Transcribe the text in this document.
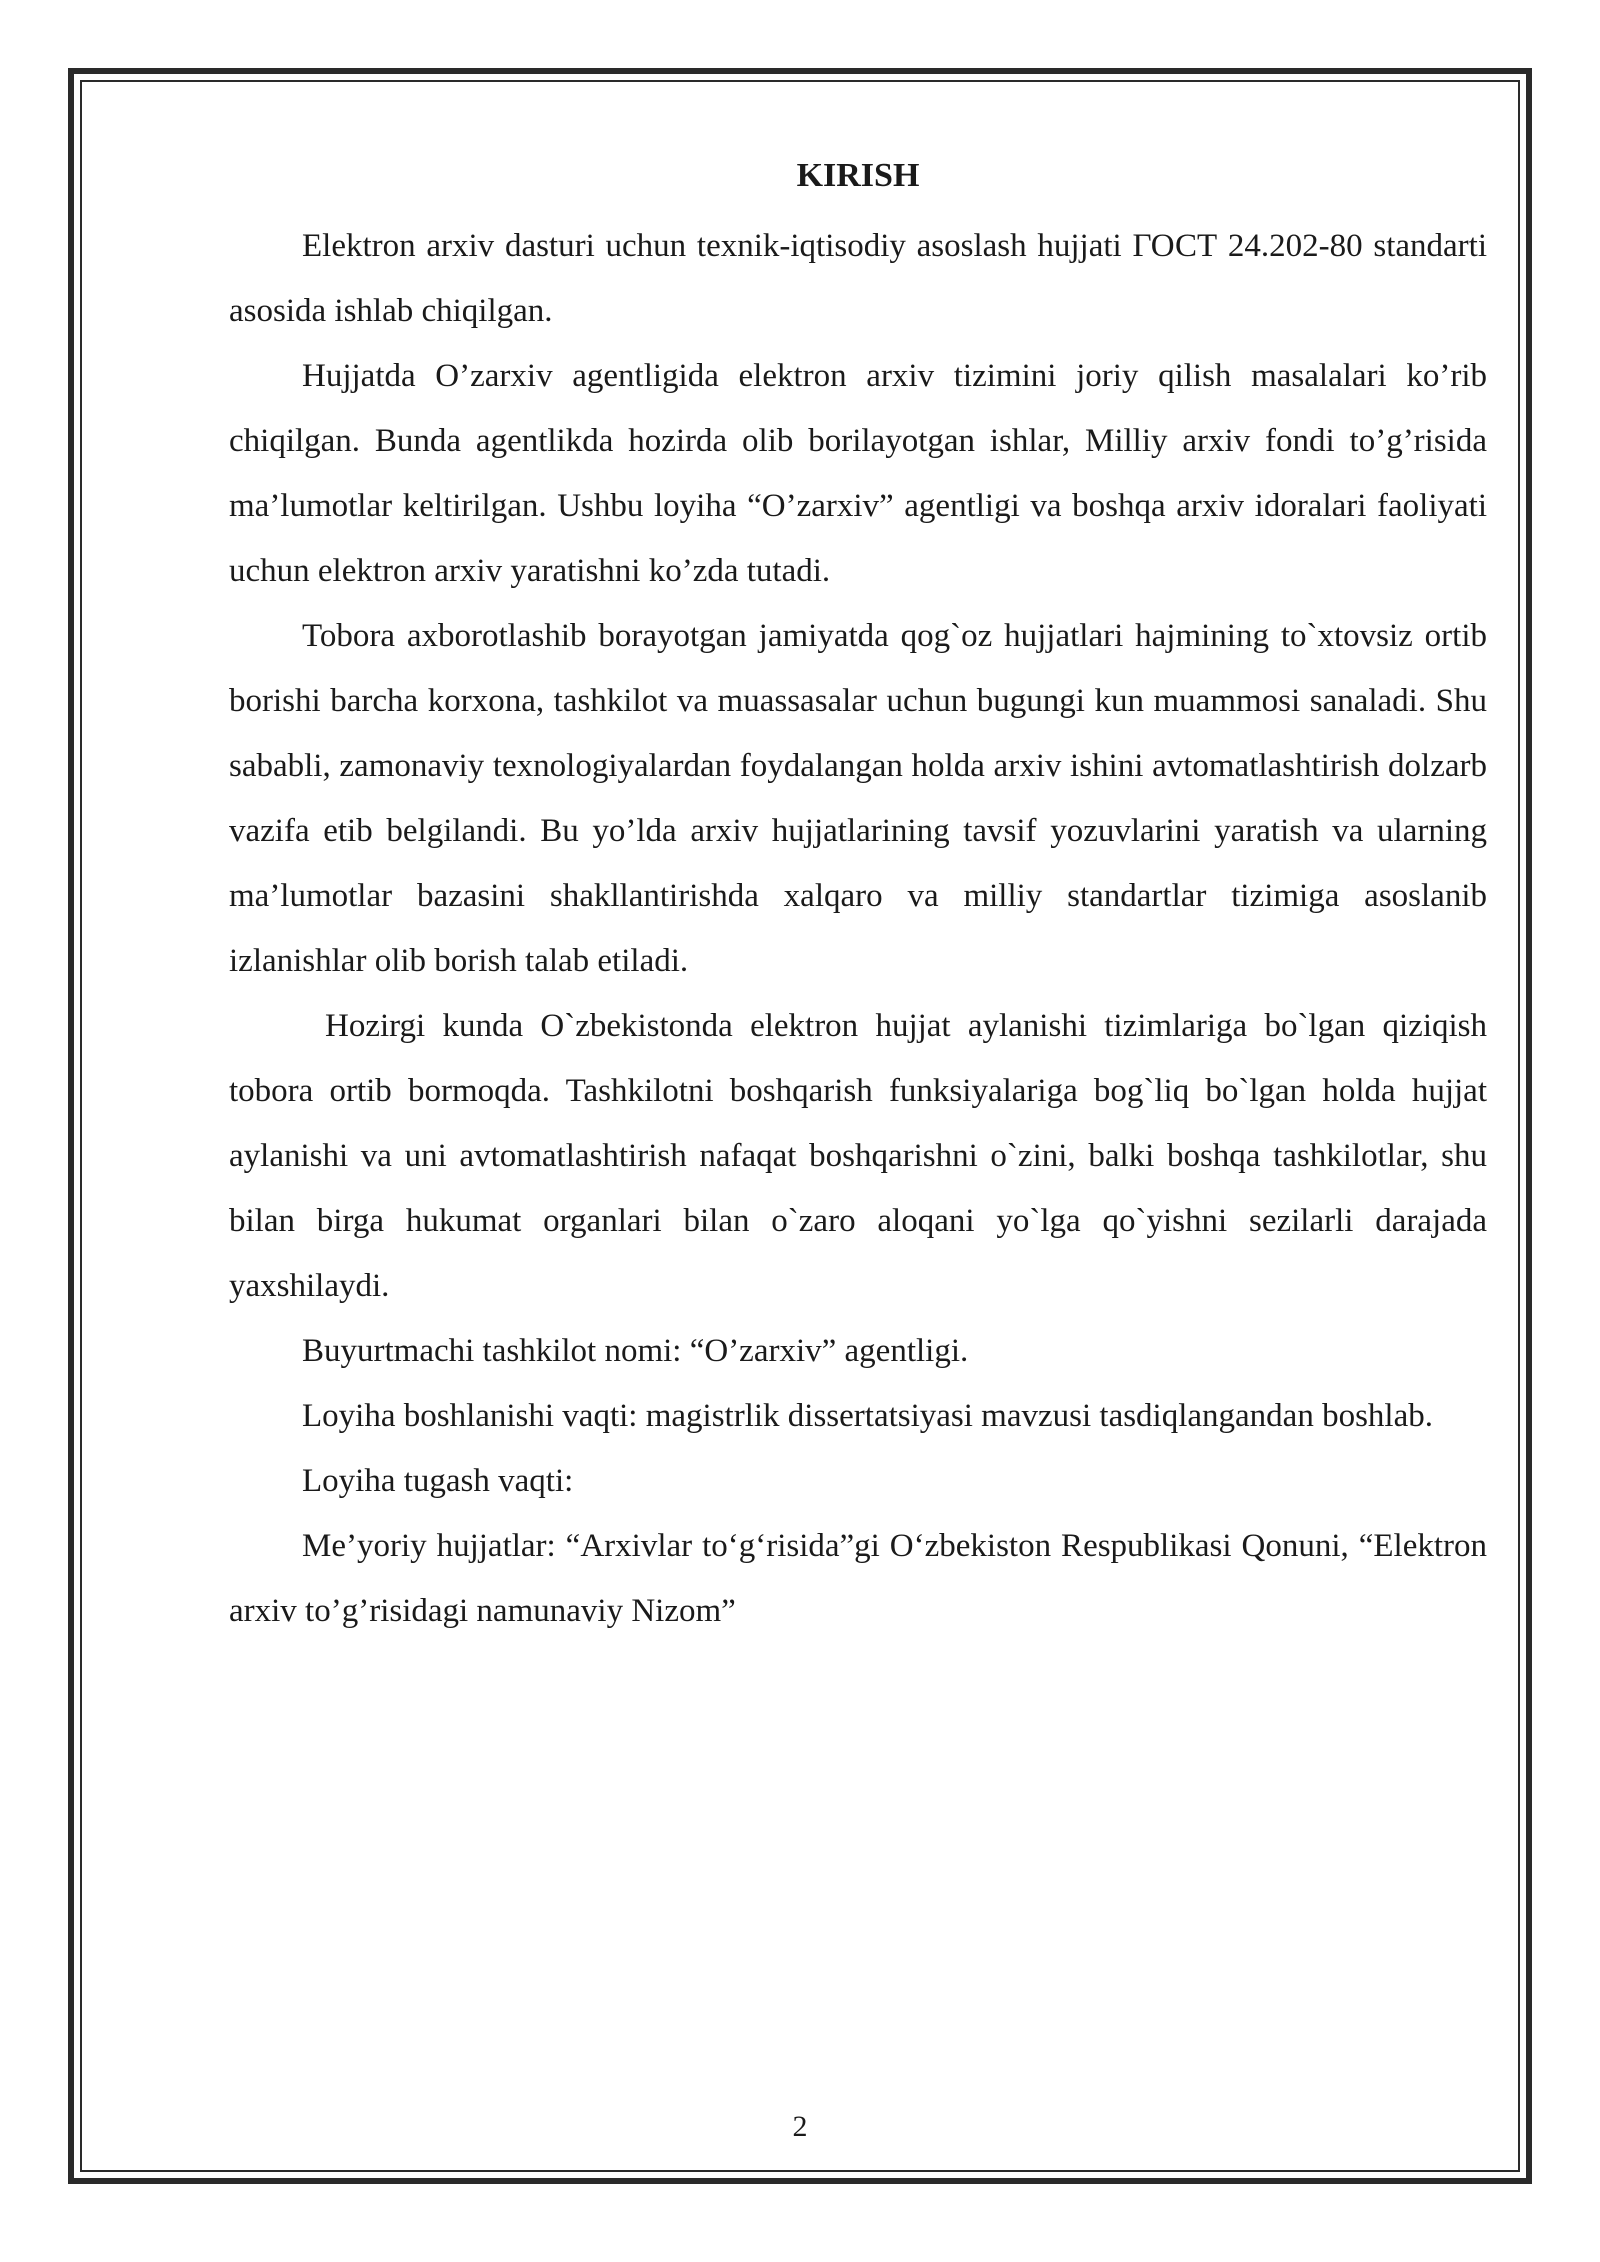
KIRISH

Elektron arxiv dasturi uchun texnik-iqtisodiy asoslash hujjati ГОСТ 24.202-80 standarti asosida ishlab chiqilgan.

Hujjatda O’zarxiv agentligida elektron arxiv tizimini joriy qilish masalalari ko’rib chiqilgan. Bunda agentlikda hozirda olib borilayotgan ishlar, Milliy arxiv fondi to’g’risida ma’lumotlar keltirilgan. Ushbu loyiha “O’zarxiv” agentligi va boshqa arxiv idoralari faoliyati uchun elektron arxiv yaratishni ko’zda tutadi.

Tobora axborotlashib borayotgan jamiyatda qog`oz hujjatlari hajmining to`xtovsiz ortib borishi barcha korxona, tashkilot va muassasalar uchun bugungi kun muammosi sanaladi. Shu sababli, zamonaviy texnologiyalardan foydalangan holda arxiv ishini avtomatlashtirish dolzarb vazifa etib belgilandi. Bu yo’lda arxiv hujjatlarining tavsif yozuvlarini yaratish va ularning ma’lumotlar bazasini shakllantirishda xalqaro va milliy standartlar tizimiga asoslanib izlanishlar olib borish talab etiladi.

Hozirgi kunda O`zbekistonda elektron hujjat aylanishi tizimlariga bo`lgan qiziqish tobora ortib bormoqda. Tashkilotni boshqarish funksiyalariga bog`liq bo`lgan holda hujjat aylanishi va uni avtomatlashtirish nafaqat boshqarishni o`zini, balki boshqa tashkilotlar, shu bilan birga hukumat organlari bilan o`zaro aloqani yo`lga qo`yishni sezilarli darajada yaxshilaydi.

Buyurtmachi tashkilot nomi: “O’zarxiv” agentligi.

Loyiha boshlanishi vaqti: magistrlik dissertatsiyasi mavzusi tasdiqlangandan boshlab.

Loyiha tugash vaqti:

Me’yoriy hujjatlar: “Arxivlar to‘g‘risida”gi O‘zbekiston Respublikasi Qonuni, “Elektron arxiv to’g’risidagi namunaviy Nizom”

2
